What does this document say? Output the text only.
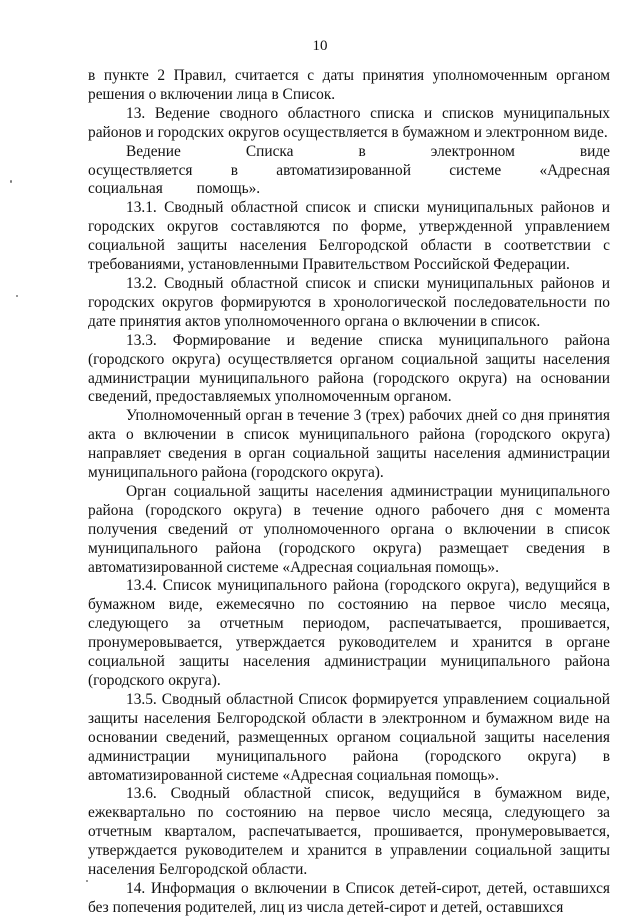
10

в пункте 2 Правил, считается с даты принятия уполномоченным органом решения о включении лица в Список.

13. Ведение сводного областного списка и списков муниципальных районов и городских округов осуществляется в бумажном и электронном виде.

Ведение Списка в электронном виде осуществляется в автоматизированной системе «Адресная социальная помощь».

13.1. Сводный областной список и списки муниципальных районов и городских округов составляются по форме, утвержденной управлением социальной защиты населения Белгородской области в соответствии с требованиями, установленными Правительством Российской Федерации.

13.2. Сводный областной список и списки муниципальных районов и городских округов формируются в хронологической последовательности по дате принятия актов уполномоченного органа о включении в список.

13.3. Формирование и ведение списка муниципального района (городского округа) осуществляется органом социальной защиты населения администрации муниципального района (городского округа) на основании сведений, предоставляемых уполномоченным органом.

Уполномоченный орган в течение 3 (трех) рабочих дней со дня принятия акта о включении в список муниципального района (городского округа) направляет сведения в орган социальной защиты населения администрации муниципального района (городского округа).

Орган социальной защиты населения администрации муниципального района (городского округа) в течение одного рабочего дня с момента получения сведений от уполномоченного органа о включении в список муниципального района (городского округа) размещает сведения в автоматизированной системе «Адресная социальная помощь».

13.4. Список муниципального района (городского округа), ведущийся в бумажном виде, ежемесячно по состоянию на первое число месяца, следующего за отчетным периодом, распечатывается, прошивается, пронумеровывается, утверждается руководителем и хранится в органе социальной защиты населения администрации муниципального района (городского округа).

13.5. Сводный областной Список формируется управлением социальной защиты населения Белгородской области в электронном и бумажном виде на основании сведений, размещенных органом социальной защиты населения администрации муниципального района (городского округа) в автоматизированной системе «Адресная социальная помощь».

13.6. Сводный областной список, ведущийся в бумажном виде, ежеквартально по состоянию на первое число месяца, следующего за отчетным кварталом, распечатывается, прошивается, пронумеровывается, утверждается руководителем и хранится в управлении социальной защиты населения Белгородской области.

14. Информация о включении в Список детей-сирот, детей, оставшихся без попечения родителей, лиц из числа детей-сирот и детей, оставшихся
